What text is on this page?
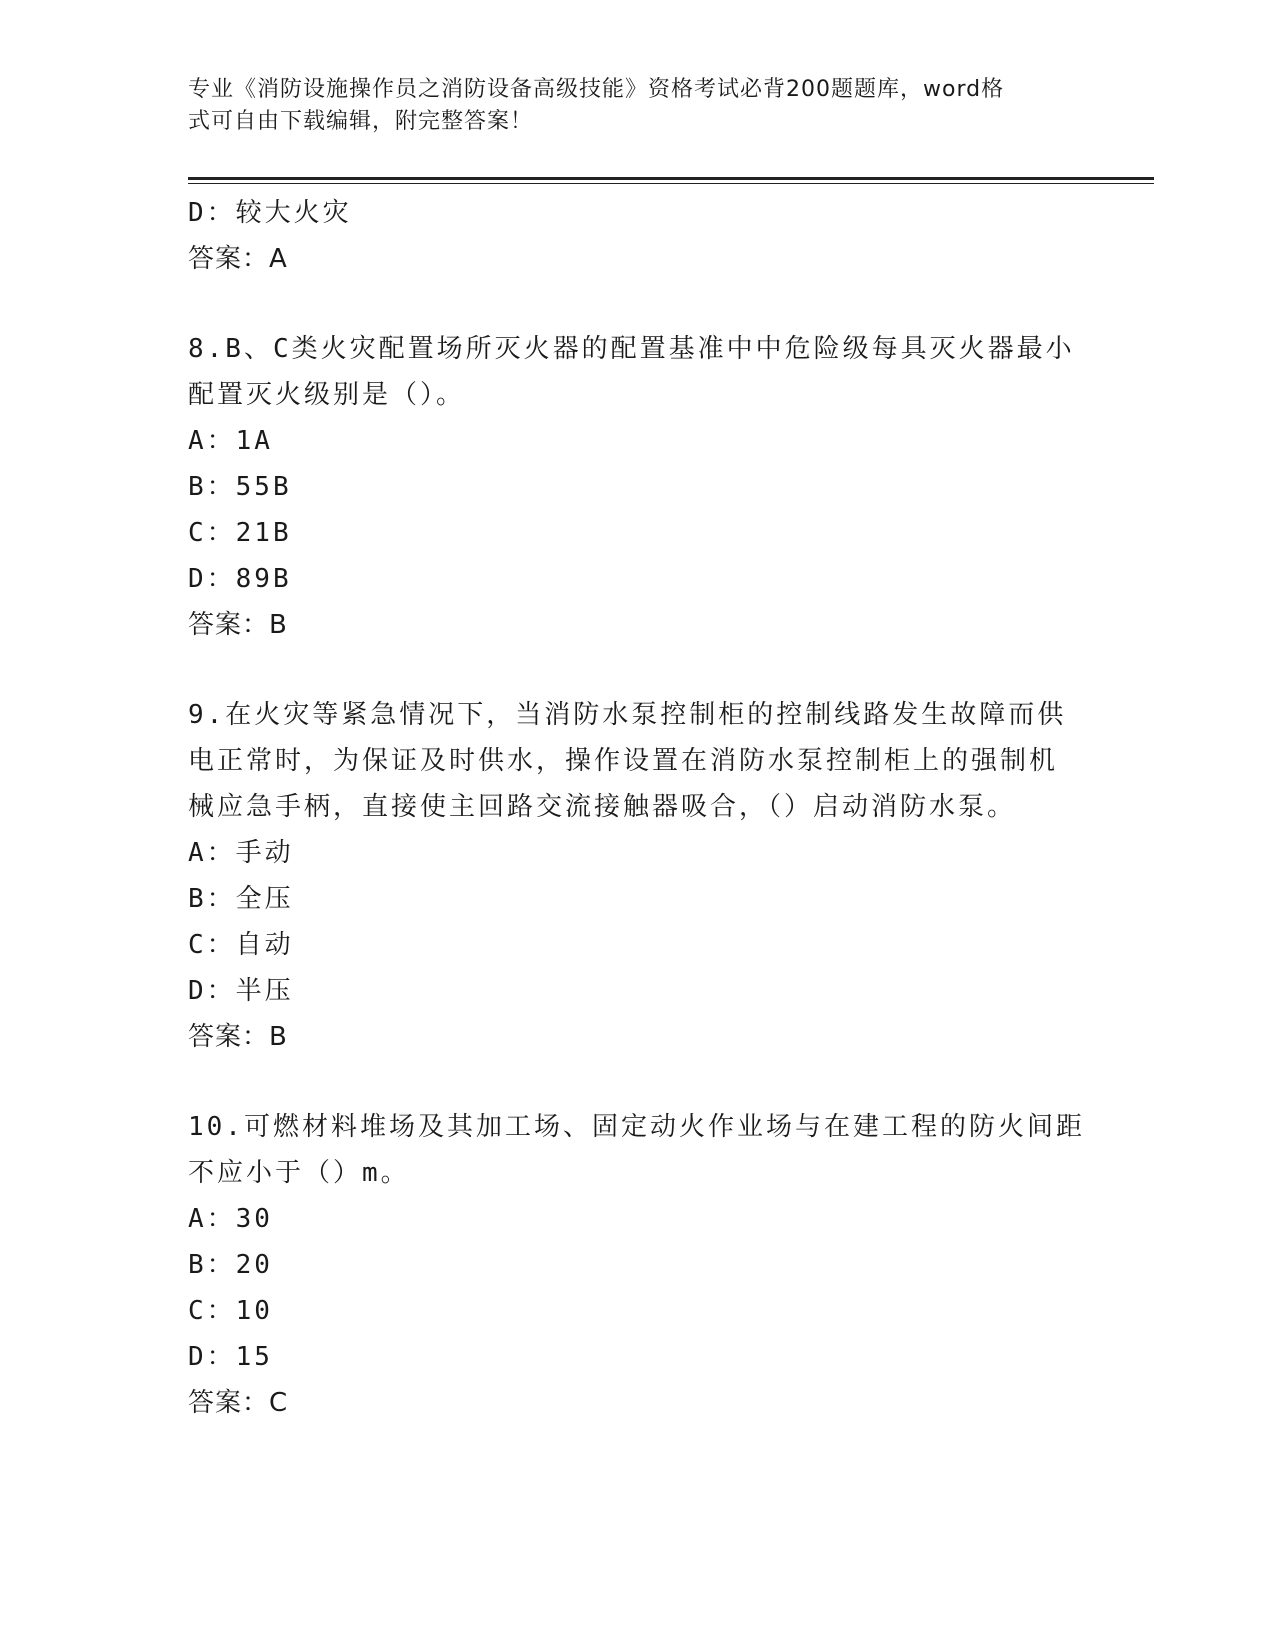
专业《消防设施操作员之消防设备高级技能》资格考试必背200题题库，word格
式可自由下载编辑，附完整答案！
D：较大火灾
答案：A
8.B、C类火灾配置场所灭火器的配置基准中中危险级每具灭火器最小
配置灭火级别是（）。
A：1A
B：55B
C：21B
D：89B
答案：B
9.在火灾等紧急情况下，当消防水泵控制柜的控制线路发生故障而供
电正常时，为保证及时供水，操作设置在消防水泵控制柜上的强制机
械应急手柄，直接使主回路交流接触器吸合，（）启动消防水泵。
A：手动
B：全压
C：自动
D：半压
答案：B
10.可燃材料堆场及其加工场、固定动火作业场与在建工程的防火间距
不应小于（）m。
A：30
B：20
C：10
D：15
答案：C
